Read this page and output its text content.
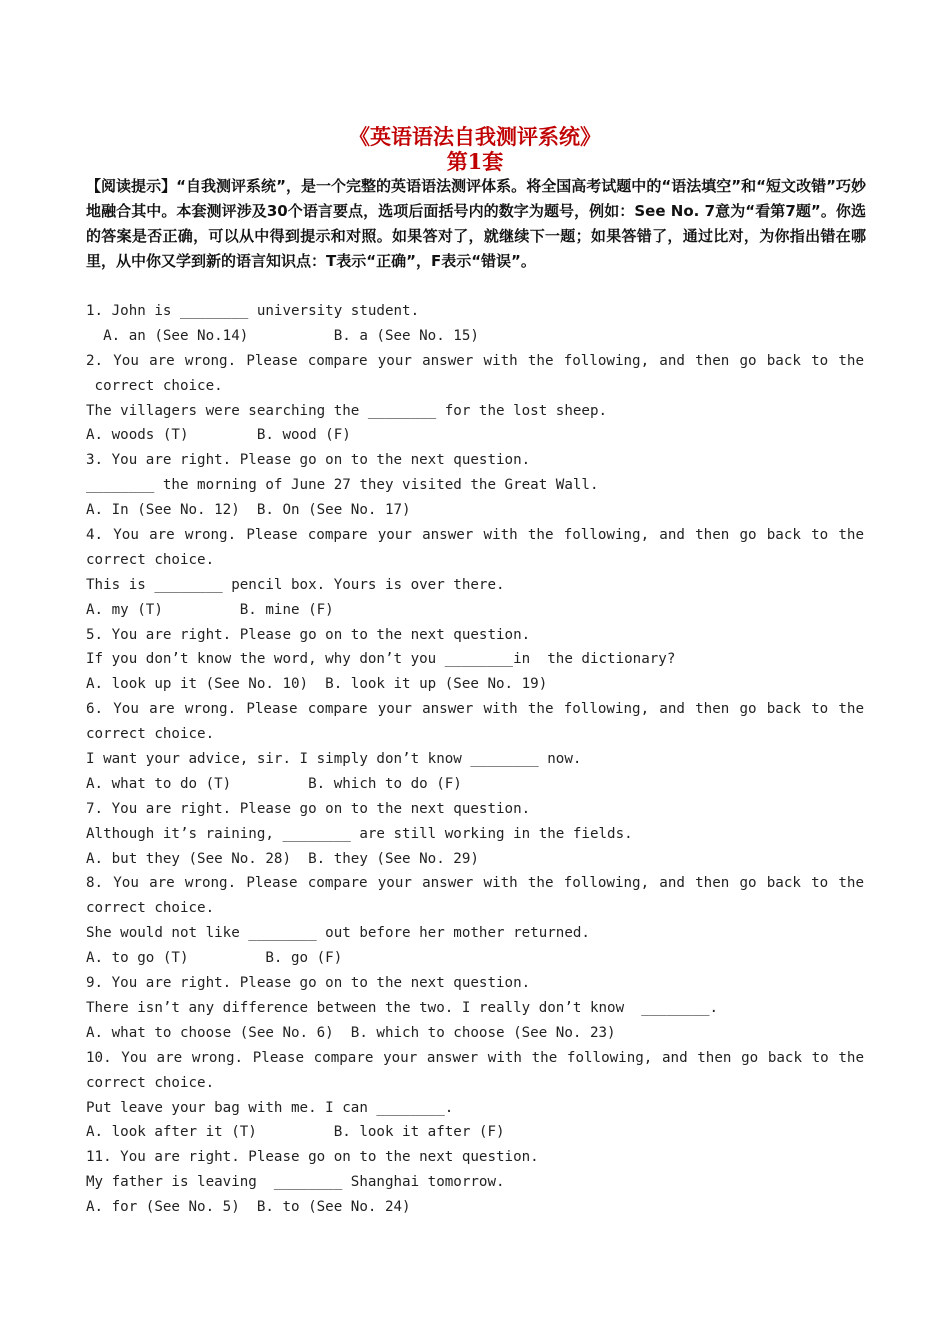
《英语语法自我测评系统》
第1套
【阅读提示】“自我测评系统”，是一个完整的英语语法测评体系。将全国高考试题中的“语法填空”和“短文改错”巧妙地融合其中。本套测评涉及30个语言要点，选项后面括号内的数字为题号，例如：See No. 7意为“看第7题”。你选的答案是否正确，可以从中得到提示和对照。如果答对了，就继续下一题；如果答错了，通过比对，为你指出错在哪里，从中你又学到新的语言知识点：T表示“正确”，F表示“错误”。
1. John is ________ university student.
A. an (See No.14)          B. a (See No. 15)
2. You are wrong. Please compare your answer with the following, and then go back to the
correct choice.
The villagers were searching the ________ for the lost sheep.
A. woods (T)        B. wood (F)
3. You are right. Please go on to the next question.
________ the morning of June 27 they visited the Great Wall.
A. In (See No. 12)  B. On (See No. 17)
4. You are wrong. Please compare your answer with the following, and then go back to the
correct choice.
This is ________ pencil box. Yours is over there.
A. my (T)         B. mine (F)
5. You are right. Please go on to the next question.
If you don’t know the word, why don’t you ________in  the dictionary?
A. look up it (See No. 10)  B. look it up (See No. 19)
6. You are wrong. Please compare your answer with the following, and then go back to the
correct choice.
I want your advice, sir. I simply don’t know ________ now.
A. what to do (T)         B. which to do (F)
7. You are right. Please go on to the next question.
Although it’s raining, ________ are still working in the fields.
A. but they (See No. 28)  B. they (See No. 29)
8. You are wrong. Please compare your answer with the following, and then go back to the
correct choice.
She would not like ________ out before her mother returned.
A. to go (T)         B. go (F)
9. You are right. Please go on to the next question.
There isn’t any difference between the two. I really don’t know  ________.
A. what to choose (See No. 6)  B. which to choose (See No. 23)
10. You are wrong. Please compare your answer with the following, and then go back to the
correct choice.
Put leave your bag with me. I can ________.
A. look after it (T)         B. look it after (F)
11. You are right. Please go on to the next question.
My father is leaving  ________ Shanghai tomorrow.
A. for (See No. 5)  B. to (See No. 24)
